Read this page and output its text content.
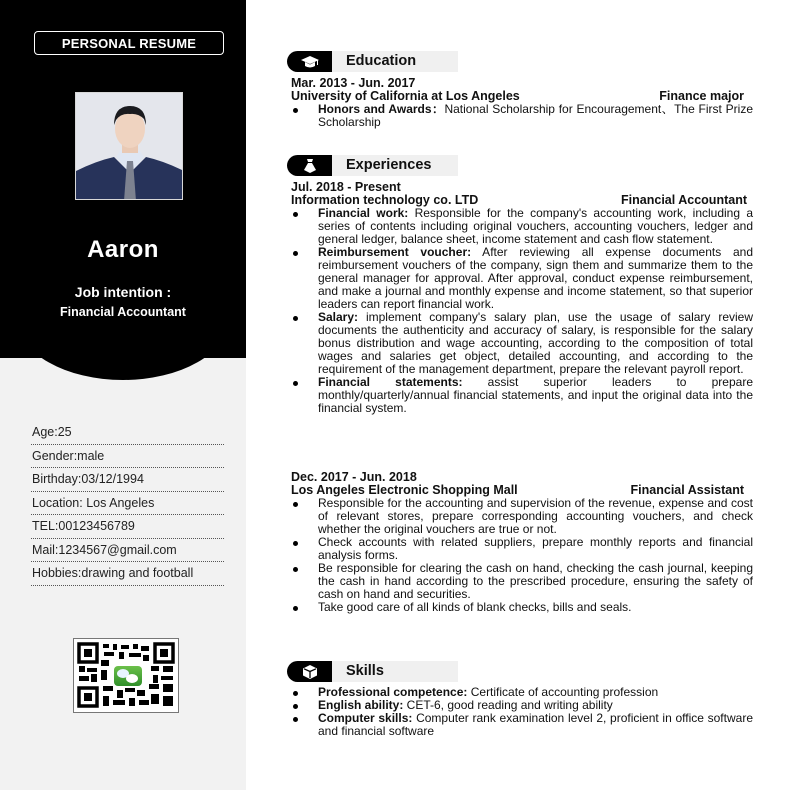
PERSONAL RESUME
Aaron
Job intention :
Financial Accountant
Age:25
Gender:male
Birthday:03/12/1994
Location: Los Angeles
TEL:00123456789
Mail:1234567@gmail.com
Hobbies:drawing and football
Education
Mar. 2013 - Jun. 2017
University of California at Los Angeles	Finance major
Honors and Awards：National Scholarship for Encouragement、The First Prize Scholarship
Experiences
Jul. 2018 - Present
Information technology co. LTD	Financial Accountant
Financial work: Responsible for the company's accounting work, including a series of contents including original vouchers, accounting vouchers, ledger and general ledger, balance sheet, income statement and cash flow statement.
Reimbursement voucher: After reviewing all expense documents and reimbursement vouchers of the company, sign them and summarize them to the general manager for approval. After approval, conduct expense reimbursement, and make a journal and monthly expense and income statement, so that superior leaders can report financial work.
Salary: implement company's salary plan, use the usage of salary review documents the authenticity and accuracy of salary, is responsible for the salary bonus distribution and wage accounting, according to the composition of total wages and salaries get object, detailed accounting, and according to the requirement of the management department, prepare the relevant payroll report.
Financial statements: assist superior leaders to prepare monthly/quarterly/annual financial statements, and input the original data into the financial system.
Dec. 2017 - Jun. 2018
Los Angeles Electronic Shopping Mall	Financial Assistant
Responsible for the accounting and supervision of the revenue, expense and cost of relevant stores, prepare corresponding accounting vouchers, and check whether the original vouchers are true or not.
Check accounts with related suppliers, prepare monthly reports and financial analysis forms.
Be responsible for clearing the cash on hand, checking the cash journal, keeping the cash in hand according to the prescribed procedure, ensuring the safety of cash on hand and securities.
Take good care of all kinds of blank checks, bills and seals.
Skills
Professional competence: Certificate of accounting profession
English ability: CET-6, good reading and writing ability
Computer skills: Computer rank examination level 2, proficient in office software and financial software
